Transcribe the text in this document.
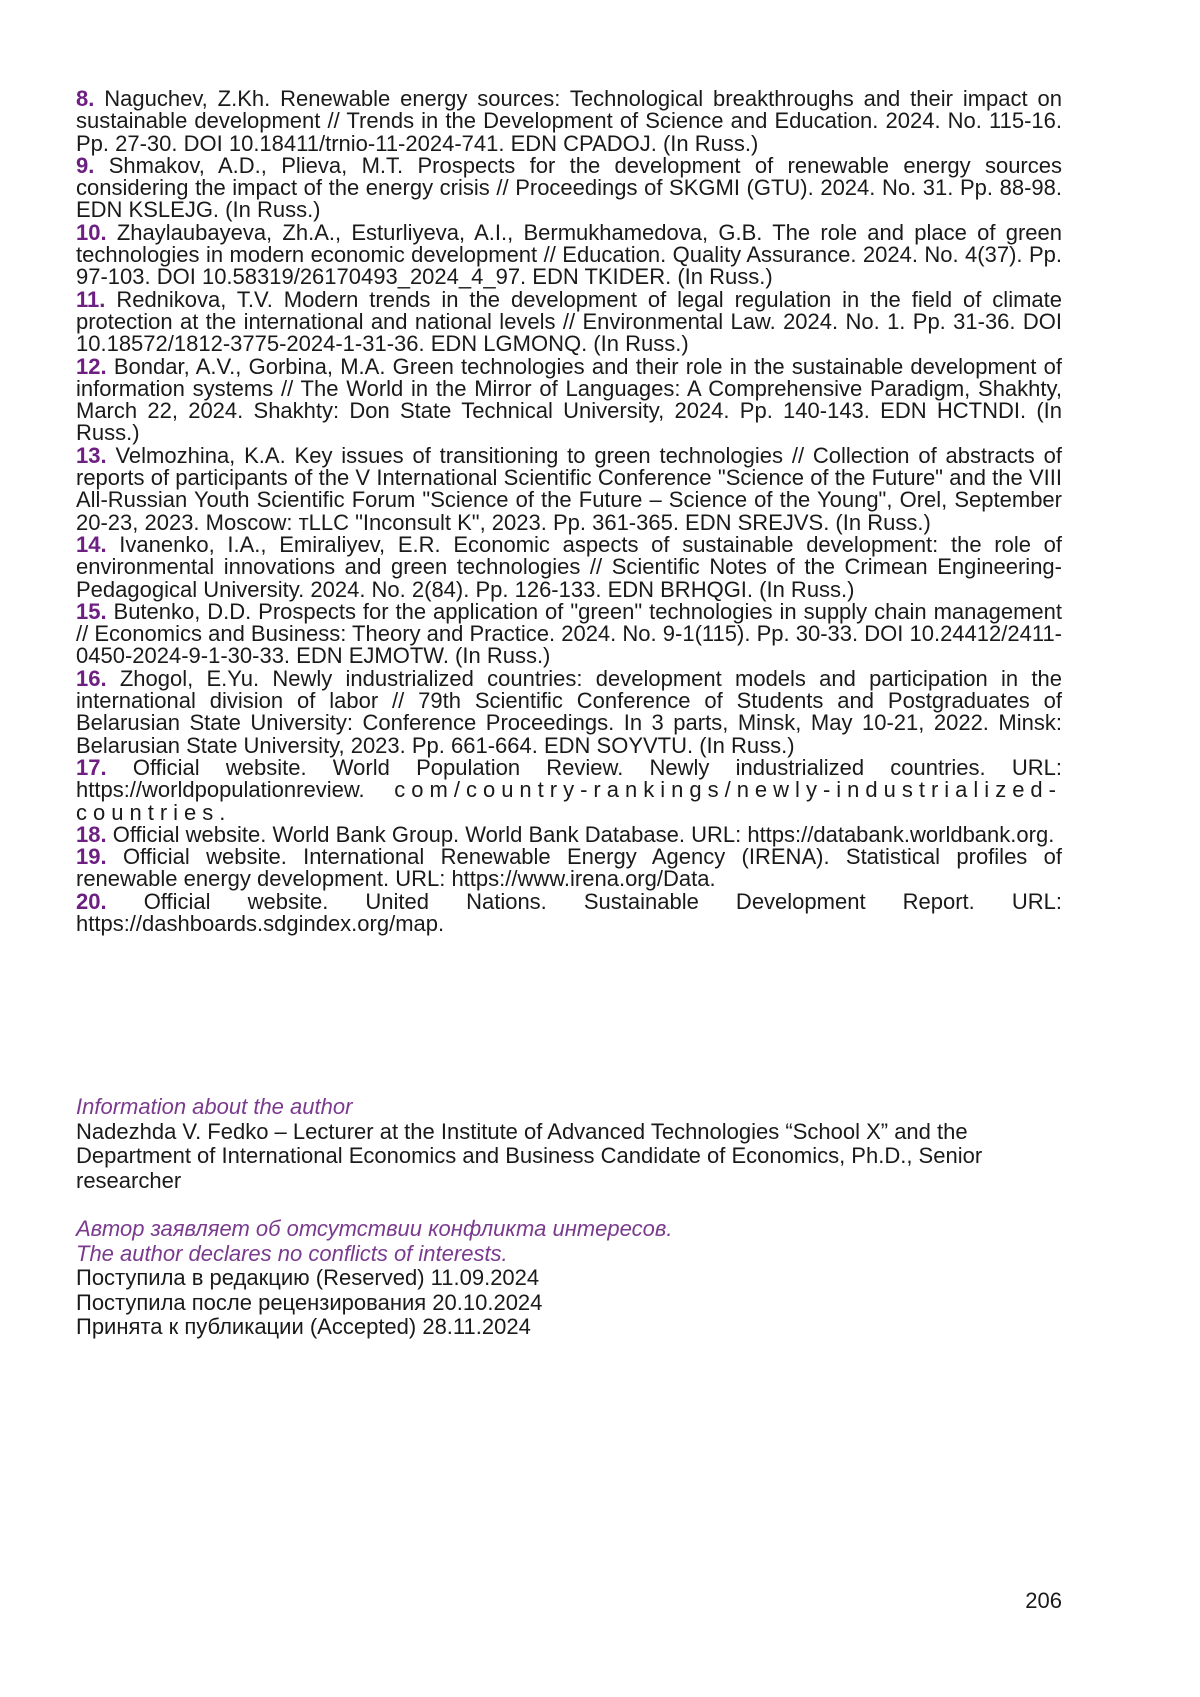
8. Naguchev, Z.Kh. Renewable energy sources: Technological breakthroughs and their impact on sustainable development // Trends in the Development of Science and Education. 2024. No. 115-16. Pp. 27-30. DOI 10.18411/trnio-11-2024-741. EDN CPADOJ. (In Russ.)

9. Shmakov, A.D., Plieva, M.T. Prospects for the development of renewable energy sources considering the impact of the energy crisis // Proceedings of SKGMI (GTU). 2024. No. 31. Pp. 88-98. EDN KSLEJG. (In Russ.)

10. Zhaylaubayeva, Zh.A., Esturliyeva, A.I., Bermukhamedova, G.B. The role and place of green technologies in modern economic development // Education. Quality Assurance. 2024. No. 4(37). Pp. 97-103. DOI 10.58319/26170493_2024_4_97. EDN TKIDER. (In Russ.)

11. Rednikova, T.V. Modern trends in the development of legal regulation in the field of climate protection at the international and national levels // Environmental Law. 2024. No. 1. Pp. 31-36. DOI 10.18572/1812-3775-2024-1-31-36. EDN LGMONQ. (In Russ.)

12. Bondar, A.V., Gorbina, M.A. Green technologies and their role in the sustainable development of information systems // The World in the Mirror of Languages: A Comprehensive Paradigm, Shakhty, March 22, 2024. Shakhty: Don State Technical University, 2024. Pp. 140-143. EDN HCTNDI. (In Russ.)

13. Velmozhina, K.A. Key issues of transitioning to green technologies // Collection of abstracts of reports of participants of the V International Scientific Conference "Science of the Future" and the VIII All-Russian Youth Scientific Forum "Science of the Future – Science of the Young", Orel, September 20-23, 2023. Moscow: тLLC "Inconsult K", 2023. Pp. 361-365. EDN SREJVS. (In Russ.)

14. Ivanenko, I.A., Emiraliyev, E.R. Economic aspects of sustainable development: the role of environmental innovations and green technologies // Scientific Notes of the Crimean Engineering-Pedagogical University. 2024. No. 2(84). Pp. 126-133. EDN BRHQGI. (In Russ.)

15. Butenko, D.D. Prospects for the application of "green" technologies in supply chain management // Economics and Business: Theory and Practice. 2024. No. 9-1(115). Pp. 30-33. DOI 10.24412/2411-0450-2024-9-1-30-33. EDN EJMOTW. (In Russ.)

16. Zhogol, E.Yu. Newly industrialized countries: development models and participation in the international division of labor // 79th Scientific Conference of Students and Postgraduates of Belarusian State University: Conference Proceedings. In 3 parts, Minsk, May 10-21, 2022. Minsk: Belarusian State University, 2023. Pp. 661-664. EDN SOYVTU. (In Russ.)

17. Official website. World Population Review. Newly industrialized countries. URL: https://worldpopulationreview. com/country-rankings/newly-industrialized-countries.

18. Official website. World Bank Group. World Bank Database. URL: https://databank.worldbank.org.

19. Official website. International Renewable Energy Agency (IRENA). Statistical profiles of renewable energy development. URL: https://www.irena.org/Data.

20. Official website. United Nations. Sustainable Development Report. URL: https://dashboards.sdgindex.org/map.

Information about the author

Nadezhda V. Fedko – Lecturer at the Institute of Advanced Technologies “School X” and the Department of International Economics and Business Candidate of Economics, Ph.D., Senior researcher

Автор заявляет об отсутствии конфликта интересов.

The author declares no conflicts of interests.

Поступила в редакцию (Reserved) 11.09.2024

Поступила после рецензирования 20.10.2024

Принята к публикации (Accepted) 28.11.2024

206
